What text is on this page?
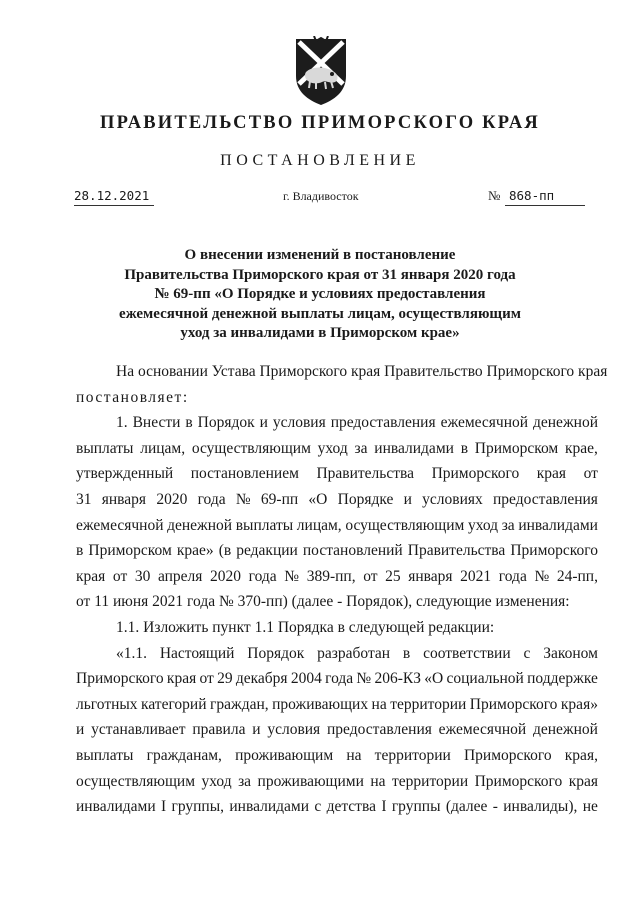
ПРАВИТЕЛЬСТВО ПРИМОРСКОГО КРАЯ
ПОСТАНОВЛЕНИЕ
28.12.2021	г. Владивосток	№ 868-пп
О внесении изменений в постановление
Правительства Приморского края от 31 января 2020 года
№ 69-пп «О Порядке и условиях предоставления
ежемесячной денежной выплаты лицам, осуществляющим
уход за инвалидами в Приморском крае»
На основании Устава Приморского края Правительство Приморского края
постановляет:
1. Внести в Порядок и условия предоставления ежемесячной денежной
выплаты лицам, осуществляющим уход за инвалидами в Приморском крае,
утвержденный постановлением Правительства Приморского края от
31 января 2020 года № 69-пп «О Порядке и условиях предоставления
ежемесячной денежной выплаты лицам, осуществляющим уход за инвалидами
в Приморском крае» (в редакции постановлений Правительства Приморского
края от 30 апреля 2020 года № 389-пп, от 25 января 2021 года № 24-пп,
от 11 июня 2021 года № 370-пп) (далее - Порядок), следующие изменения:
1.1. Изложить пункт 1.1 Порядка в следующей редакции:
«1.1. Настоящий Порядок разработан в соответствии с Законом
Приморского края от 29 декабря 2004 года № 206-КЗ «О социальной поддержке
льготных категорий граждан, проживающих на территории Приморского края»
и устанавливает правила и условия предоставления ежемесячной денежной
выплаты гражданам, проживающим на территории Приморского края,
осуществляющим уход за проживающими на территории Приморского края
инвалидами I группы, инвалидами с детства I группы (далее - инвалиды), не
